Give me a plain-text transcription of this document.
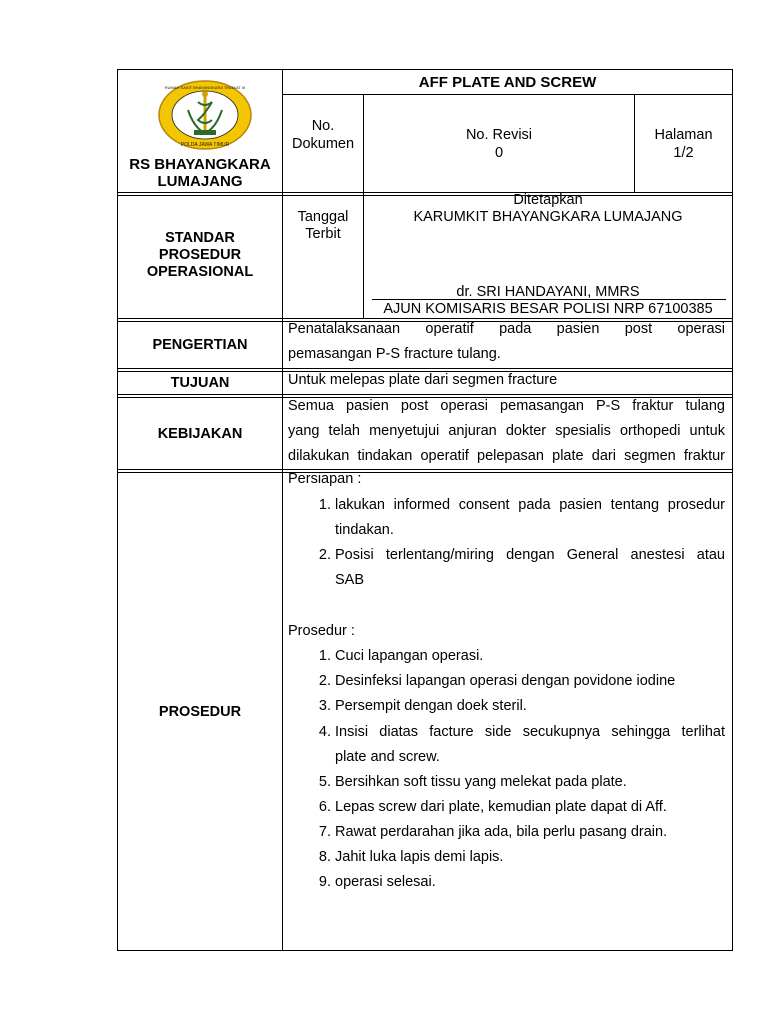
POLDA JAWA TIMUR
RUMAH SAKIT BHAYANGKARA TINGKAT III
RS BHAYANGKARA
LUMAJANG
AFF PLATE AND SCREW
No.
Dokumen
No. Revisi
0
Halaman
1/2
STANDAR
PROSEDUR
OPERASIONAL
Tanggal
Terbit
Ditetapkan
KARUMKIT BHAYANGKARA LUMAJANG
dr. SRI HANDAYANI, MMRS
AJUN KOMISARIS BESAR POLISI NRP 67100385
PENGERTIAN
Penatalaksanaan operatif pada pasien post operasi
pemasangan P-S fracture tulang.
TUJUAN	Untuk melepas plate dari segmen fracture
KEBIJAKAN
Semua pasien post operasi pemasangan P-S fraktur tulang
yang telah menyetujui anjuran dokter spesialis orthopedi untuk
dilakukan tindakan operatif pelepasan plate dari segmen fraktur
PROSEDUR
Persiapan :
1. lakukan informed consent pada pasien tentang prosedur
tindakan.
2. Posisi terlentang/miring dengan General anestesi atau
SAB
Prosedur :
1. Cuci lapangan operasi.
2. Desinfeksi lapangan operasi dengan povidone iodine
3. Persempit dengan doek steril.
4. Insisi diatas facture side secukupnya sehingga terlihat
plate and screw.
5. Bersihkan soft tissu yang melekat pada plate.
6. Lepas screw dari plate, kemudian plate dapat di Aff.
7. Rawat perdarahan jika ada, bila perlu pasang drain.
8. Jahit luka lapis demi lapis.
9. operasi selesai.
